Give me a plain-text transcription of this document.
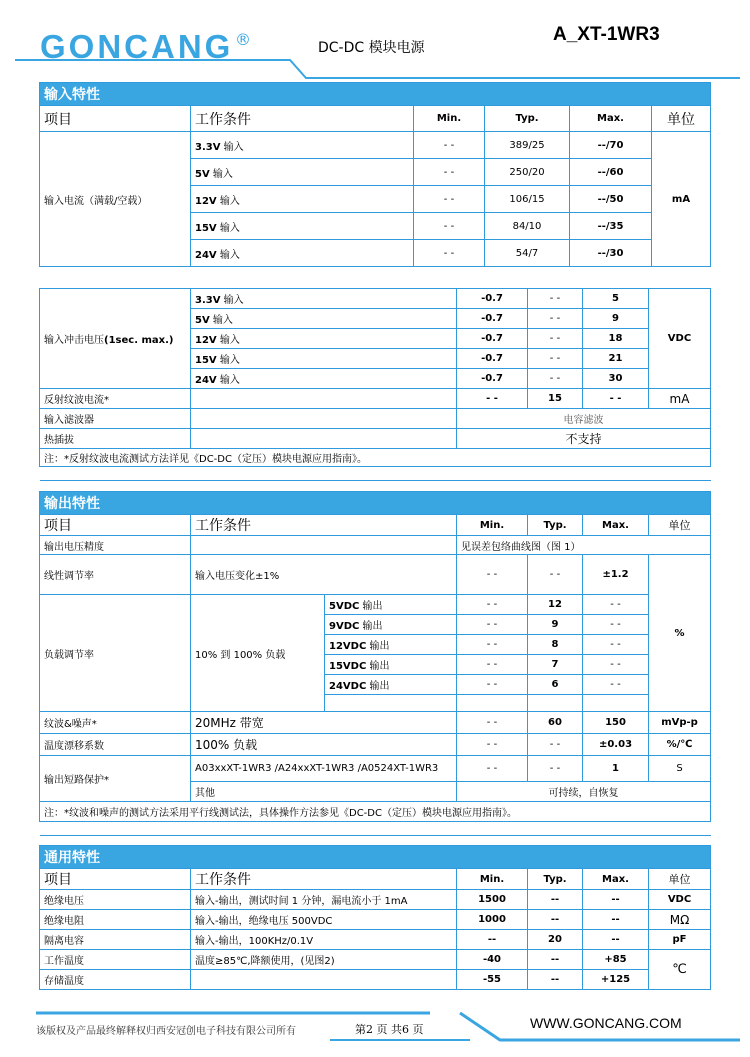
GONCANG ®	DC-DC 模块电源
A_XT-1WR3
输入特性					
项目	工作条件	Min.	Typ.	Max.	单位
输入电流（满载/空载）	3.3V 输入	- -	389/25	--/70	mA
	5V 输入	- -	250/20	--/60	
	12V 输入	- -	106/15	--/50	
	15V 输入	- -	84/10	--/35	
	24V 输入	- -	54/7	--/30	
输入冲击电压(1sec. max.)	3.3V 输入	-0.7	- -	5	VDC
	5V 输入	-0.7	- -	9	
	12V 输入	-0.7	- -	18	
	15V 输入	-0.7	- -	21	
	24V 输入	-0.7	- -	30	
反射纹波电流*		- -	15	- -	mA
输入滤波器		电容滤波			
热插拔		不支持			
注：*反射纹波电流测试方法详见《DC-DC（定压）模块电源应用指南》。					

输出特性						
项目	工作条件		Min.	Typ.	Max.	单位
输出电压精度			见误差包络曲线图（图 1）			
线性调节率	输入电压变化±1%		- -	- -	±1.2	%
负载调节率	10% 到 100% 负载	5VDC 输出	- -	12	- -	
		9VDC 输出	- -	9	- -	
		12VDC 输出	- -	8	- -	
		15VDC 输出	- -	7	- -	
		24VDC 输出	- -	6	- -	

纹波&噪声*	20MHz 带宽		- -	60	150	mVp-p
温度漂移系数	100% 负载		- -	- -	±0.03	%/℃
输出短路保护*	A03xxXT-1WR3 /A24xxXT-1WR3 /A0524XT-1WR3		- -	- -	1	S
	其他		可持续，自恢复			
注：*纹波和噪声的测试方法采用平行线测试法，具体操作方法参见《DC-DC（定压）模块电源应用指南》。						

通用特性					
项目	工作条件	Min.	Typ.	Max.	单位
绝缘电压	输入-输出，测试时间 1 分钟，漏电流小于 1mA	1500	--	--	VDC
绝缘电阻	输入-输出，绝缘电压 500VDC	1000	--	--	MΩ
隔离电容	输入-输出，100KHz/0.1V	--	20	--	pF
工作温度	温度≥85℃,降额使用，(见图2)	-40	--	+85	℃
存储温度		-55	--	+125	
该版权及产品最终解释权归西安冠创电子科技有限公司所有	第2 页 共6 页	WWW.GONCANG.COM
